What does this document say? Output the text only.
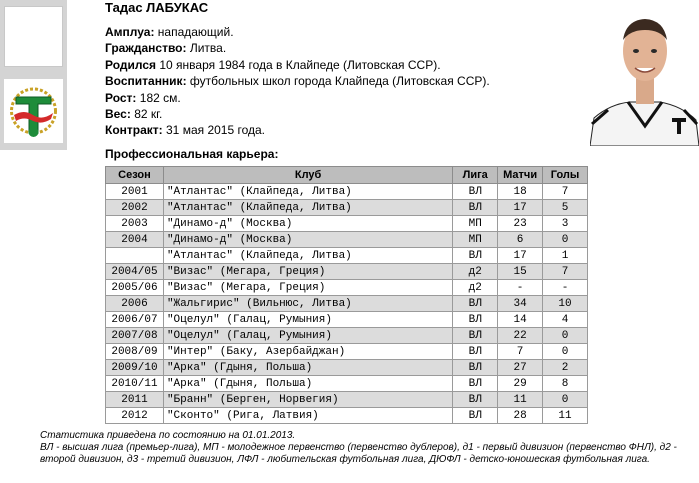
Тадас ЛАБУКАС
Амплуа: нападающий.
Гражданство: Литва.
Родился 10 января 1984 года в Клайпеде (Литовская ССР).
Воспитанник: футбольных школ города Клайпеда (Литовская ССР).
Рост: 182 см.
Вес: 82 кг.
Контракт: 31 мая 2015 года.
Профессиональная карьера:
Сезон	Клуб	Лига	Матчи	Голы
2001	"Атлантас" (Клайпеда, Литва)	ВЛ	18	7
2002	"Атлантас" (Клайпеда, Литва)	ВЛ	17	5
2003	"Динамо-д" (Москва)	МП	23	3
2004	"Динамо-д" (Москва)	МП	6	0
	"Атлантас" (Клайпеда, Литва)	ВЛ	17	1
2004/05	"Визас" (Мегара, Греция)	д2	15	7
2005/06	"Визас" (Мегара, Греция)	д2	-	-
2006	"Жальгирис" (Вильнюс, Литва)	ВЛ	34	10
2006/07	"Оцелул" (Галац, Румыния)	ВЛ	14	4
2007/08	"Оцелул" (Галац, Румыния)	ВЛ	22	0
2008/09	"Интер" (Баку, Азербайджан)	ВЛ	7	0
2009/10	"Арка" (Гдыня, Польша)	ВЛ	27	2
2010/11	"Арка" (Гдыня, Польша)	ВЛ	29	8
2011	"Бранн" (Берген, Норвегия)	ВЛ	11	0
2012	"Сконто" (Рига, Латвия)	ВЛ	28	11
Статистика приведена по состоянию на 01.01.2013.
ВЛ - высшая лига (премьер-лига), МП - молодежное первенство (первенство дублеров), д1 - первый дивизион (первенство ФНЛ), д2 - второй дивизион, д3 - третий дивизион, ЛФЛ - любительская футбольная лига, ДЮФЛ - детско-юношеская футбольная лига.
